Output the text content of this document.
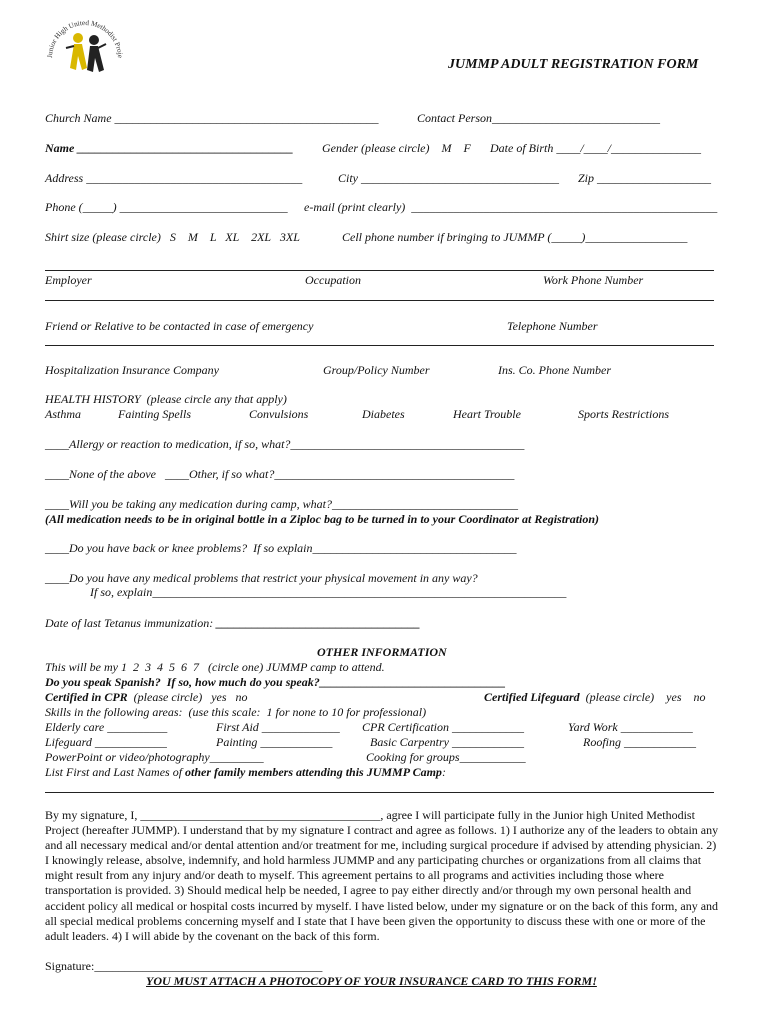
Junior High United Methodist Proje
JUMMP ADULT REGISTRATION FORM
Church Name ____________________________________________	Contact Person____________________________
Name ____________________________________ Gender (please circle)    M    F Date of Birth ____/____/_______________
Address ____________________________________	City _________________________________ Zip ___________________
Phone (_____) ____________________________ e-mail (print clearly)  ___________________________________________________
Shirt size (please circle)   S    M    L   XL    2XL   3XL	Cell phone number if bringing to JUMMP (_____)_________________
Employer	Occupation	Work Phone Number
Friend or Relative to be contacted in case of emergency	Telephone Number
Hospitalization Insurance Company	Group/Policy Number	Ins. Co. Phone Number
HEALTH HISTORY  (please circle any that apply)
Asthma	Fainting Spells	Convulsions	Diabetes	Heart Trouble	Sports Restrictions
____Allergy or reaction to medication, if so, what?_______________________________________
____None of the above   ____Other, if so what?________________________________________
____Will you be taking any medication during camp, what?_______________________________
(All medication needs to be in original bottle in a Ziploc bag to be turned in to your Coordinator at Registration)
____Do you have back or knee problems?  If so explain__________________________________
____Do you have any medical problems that restrict your physical movement in any way?
If so, explain_____________________________________________________________________
Date of last Tetanus immunization: __________________________________
OTHER INFORMATION
This will be my 1  2  3  4  5  6  7   (circle one) JUMMP camp to attend.
Do you speak Spanish?  If so, how much do you speak?_______________________________
Certified in CPR  (please circle)   yes   no	Certified Lifeguard  (please circle)    yes    no
Skills in the following areas:  (use this scale:  1 for none to 10 for professional)
Elderly care __________	First Aid _____________ CPR Certification ____________	Yard Work ____________
Lifeguard ____________	Painting ____________	Basic Carpentry ____________	Roofing ____________
PowerPoint or video/photography_________	Cooking for groups___________
List First and Last Names of other family members attending this JUMMP Camp:
By my signature, I, ________________________________________, agree I will participate fully in the Junior high United Methodist Project (hereafter JUMMP). I understand that by my signature I contract and agree as follows. 1) I authorize any of the leaders to obtain any and all necessary medical and/or dental attention and/or treatment for me, including surgical procedure if advised by attending physician. 2) I knowingly release, absolve, indemnify, and hold harmless JUMMP and any participating churches or organizations from all claims that might result from any injury and/or death to myself. This agreement pertains to all programs and activities including those where transportation is provided. 3) Should medical help be needed, I agree to pay either directly and/or through my own personal health and accident policy all medical or hospital costs incurred by myself. I have listed below, under my signature or on the back of this form, any and all special medical problems concerning myself and I state that I have been given the opportunity to discuss these with one or more of the adult leaders. 4) I will abide by the covenant on the back of this form.
Signature:______________________________________
YOU MUST ATTACH A PHOTOCOPY OF YOUR INSURANCE CARD TO THIS FORM!
